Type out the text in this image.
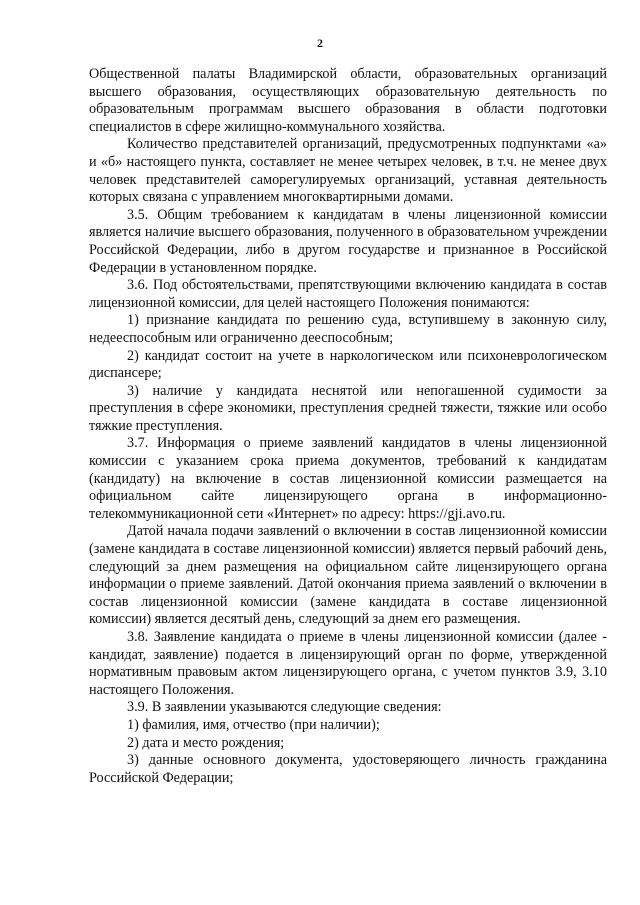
2

Общественной палаты Владимирской области, образовательных организаций высшего образования, осуществляющих образовательную деятельность по образовательным программам высшего образования в области подготовки специалистов в сфере жилищно-коммунального хозяйства.

Количество представителей организаций, предусмотренных подпунктами «а» и «б» настоящего пункта, составляет не менее четырех человек, в т.ч. не менее двух человек представителей саморегулируемых организаций, уставная деятельность которых связана с управлением многоквартирными домами.

3.5. Общим требованием к кандидатам в члены лицензионной комиссии является наличие высшего образования, полученного в образовательном учреждении Российской Федерации, либо в другом государстве и признанное в Российской Федерации в установленном порядке.

3.6. Под обстоятельствами, препятствующими включению кандидата в состав лицензионной комиссии, для целей настоящего Положения понимаются:

1) признание кандидата по решению суда, вступившему в законную силу, недееспособным или ограниченно дееспособным;

2) кандидат состоит на учете в наркологическом или психоневрологическом диспансере;

3) наличие у кандидата неснятой или непогашенной судимости за преступления в сфере экономики, преступления средней тяжести, тяжкие или особо тяжкие преступления.

3.7. Информация о приеме заявлений кандидатов в члены лицензионной комиссии с указанием срока приема документов, требований к кандидатам (кандидату) на включение в состав лицензионной комиссии размещается на официальном сайте лицензирующего органа в информационно-телекоммуникационной сети «Интернет» по адресу: https://gji.avo.ru.

Датой начала подачи заявлений о включении в состав лицензионной комиссии (замене кандидата в составе лицензионной комиссии) является первый рабочий день, следующий за днем размещения на официальном сайте лицензирующего органа информации о приеме заявлений. Датой окончания приема заявлений о включении в состав лицензионной комиссии (замене кандидата в составе лицензионной комиссии) является десятый день, следующий за днем его размещения.

3.8. Заявление кандидата о приеме в члены лицензионной комиссии (далее - кандидат, заявление) подается в лицензирующий орган по форме, утвержденной нормативным правовым актом лицензирующего органа, с учетом пунктов 3.9, 3.10 настоящего Положения.

3.9. В заявлении указываются следующие сведения:

1) фамилия, имя, отчество (при наличии);

2) дата и место рождения;

3) данные основного документа, удостоверяющего личность гражданина Российской Федерации;
